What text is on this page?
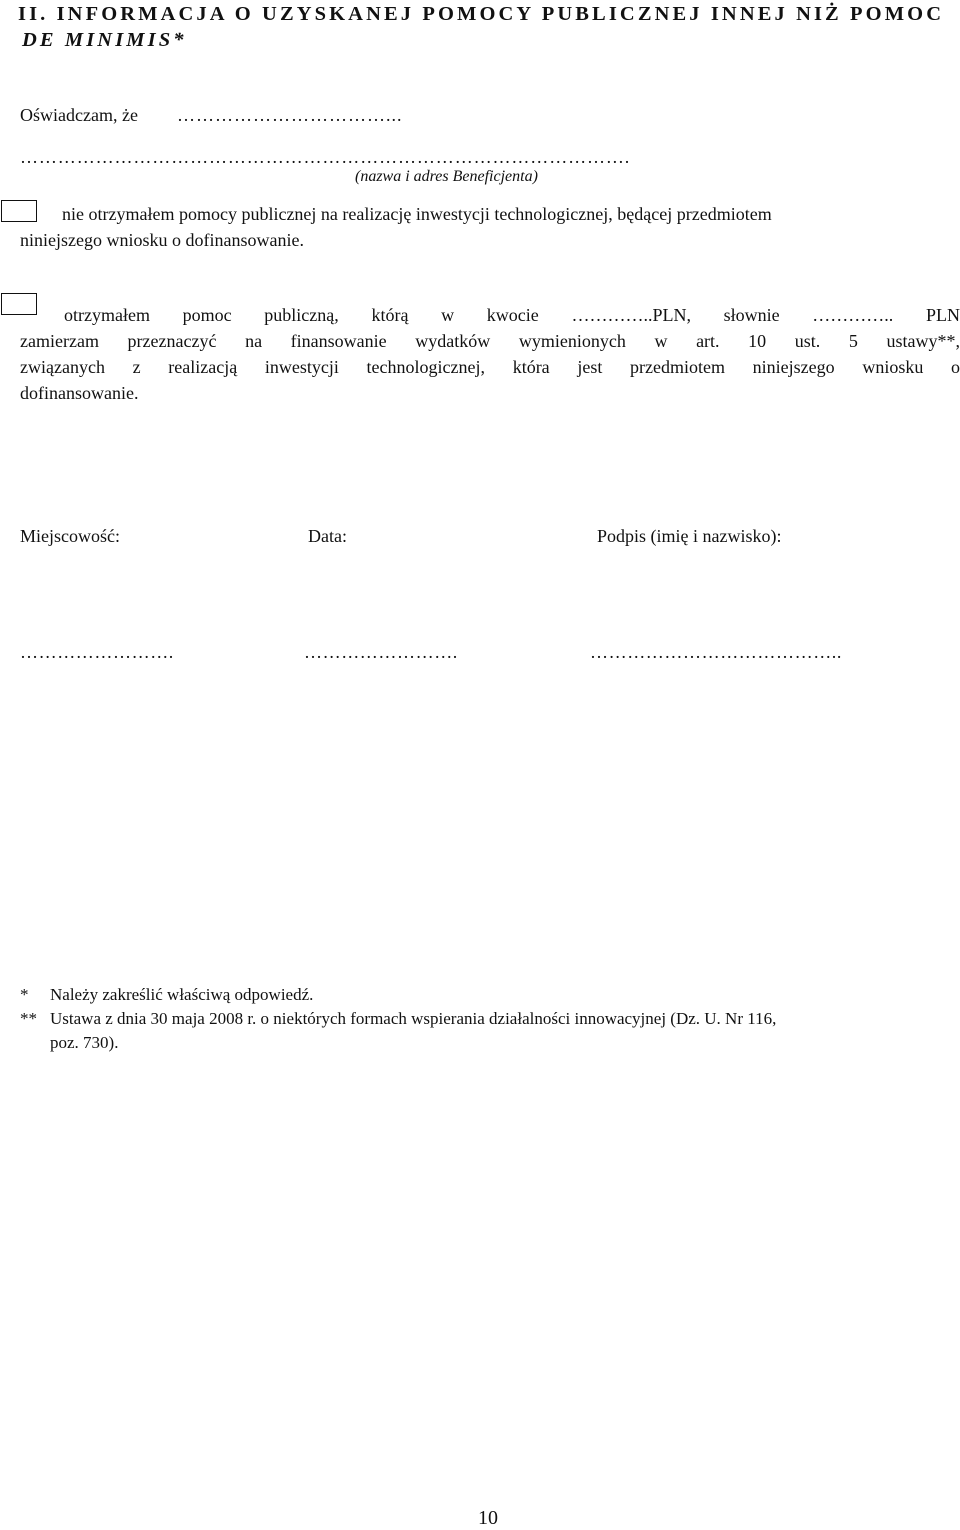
II. INFORMACJA O UZYSKANEJ POMOCY PUBLICZNEJ INNEJ NIŻ POMOC
DE MINIMIS*
Oświadczam, że ……………………………...
…………………………………………………………………………………….
(nazwa i adres Beneficjenta)
nie otrzymałem pomocy publicznej na realizację inwestycji technologicznej, będącej przedmiotem
niniejszego wniosku o dofinansowanie.
otrzymałem pomoc publiczną, którą w kwocie …………..PLN, słownie ………….. PLN
zamierzam przeznaczyć na finansowanie wydatków wymienionych w art. 10 ust. 5 ustawy**,
związanych z realizacją inwestycji technologicznej, która jest przedmiotem niniejszego wniosku o
dofinansowanie.
Miejscowość:	Data:	Podpis (imię i nazwisko):
…………………….	…………………….	…………………………………..
* Należy zakreślić właściwą odpowiedź.
** Ustawa z dnia 30 maja 2008 r. o niektórych formach wspierania działalności innowacyjnej (Dz. U. Nr 116,
poz. 730).
10
